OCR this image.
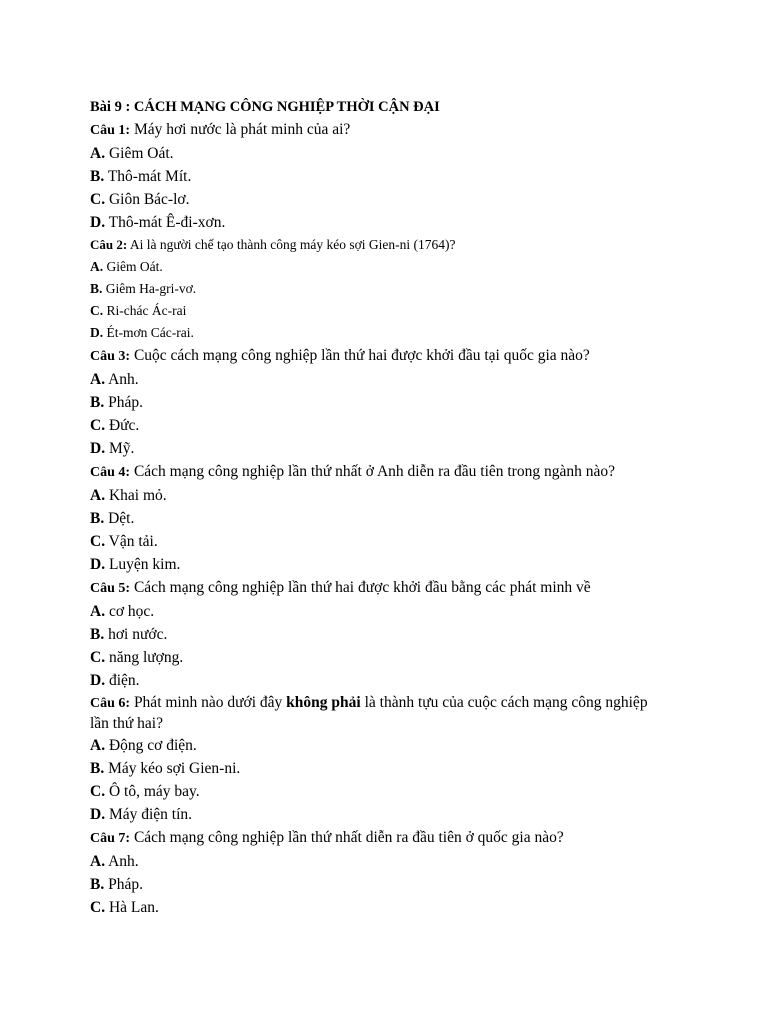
Bài 9 : CÁCH MẠNG CÔNG NGHIỆP THỜI CẬN ĐẠI
Câu 1: Máy hơi nước là phát minh của ai?
A. Giêm Oát.
B. Thô-mát Mít.
C. Giôn Bác-lơ.
D. Thô-mát Ê-đi-xơn.
Câu 2: Ai là người chế tạo thành công máy kéo sợi Gien-ni (1764)?
A. Giêm Oát.
B. Giêm Ha-gri-vơ.
C. Ri-chác Ác-rai
D. Ét-mơn Các-rai.
Câu 3: Cuộc cách mạng công nghiệp lần thứ hai được khởi đầu tại quốc gia nào?
A. Anh.
B. Pháp.
C. Đức.
D. Mỹ.
Câu 4: Cách mạng công nghiệp lần thứ nhất ở Anh diễn ra đầu tiên trong ngành nào?
A. Khai mỏ.
B. Dệt.
C. Vận tải.
D. Luyện kim.
Câu 5: Cách mạng công nghiệp lần thứ hai được khởi đầu bằng các phát minh về
A. cơ học.
B. hơi nước.
C. năng lượng.
D. điện.
Câu 6: Phát minh nào dưới đây không phải là thành tựu của cuộc cách mạng công nghiệp lần thứ hai?
A. Động cơ điện.
B. Máy kéo sợi Gien-ni.
C. Ô tô, máy bay.
D. Máy điện tín.
Câu 7: Cách mạng công nghiệp lần thứ nhất diễn ra đầu tiên ở quốc gia nào?
A. Anh.
B. Pháp.
C. Hà Lan.
